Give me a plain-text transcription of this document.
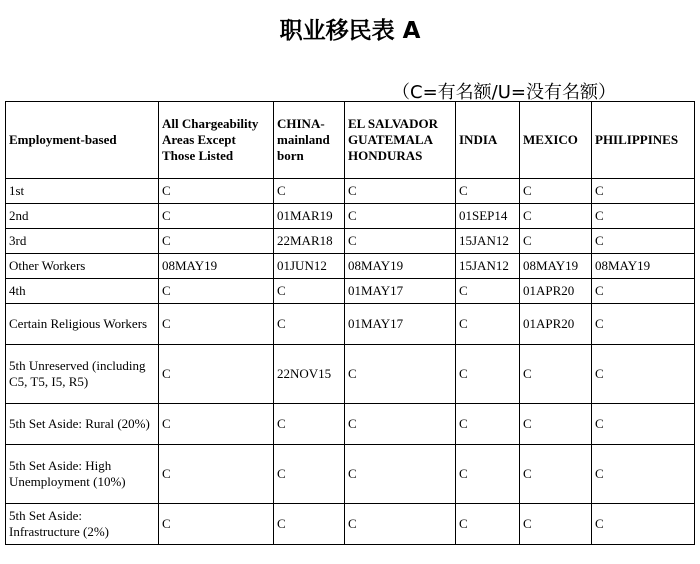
职业移民表 A
（C=有名额/U=没有名额）
Employment-based	All Chargeability Areas Except Those Listed	CHINA-mainland born	EL SALVADOR GUATEMALA HONDURAS	INDIA	MEXICO	PHILIPPINES
1st	C	C	C	C	C	C
2nd	C	01MAR19	C	01SEP14	C	C
3rd	C	22MAR18	C	15JAN12	C	C
Other Workers	08MAY19	01JUN12	08MAY19	15JAN12	08MAY19	08MAY19
4th	C	C	01MAY17	C	01APR20	C
Certain Religious Workers	C	C	01MAY17	C	01APR20	C
5th Unreserved (including C5, T5, I5, R5)	C	22NOV15	C	C	C	C
5th Set Aside: Rural (20%)	C	C	C	C	C	C
5th Set Aside: High Unemployment (10%)	C	C	C	C	C	C
5th Set Aside: Infrastructure (2%)	C	C	C	C	C	C
